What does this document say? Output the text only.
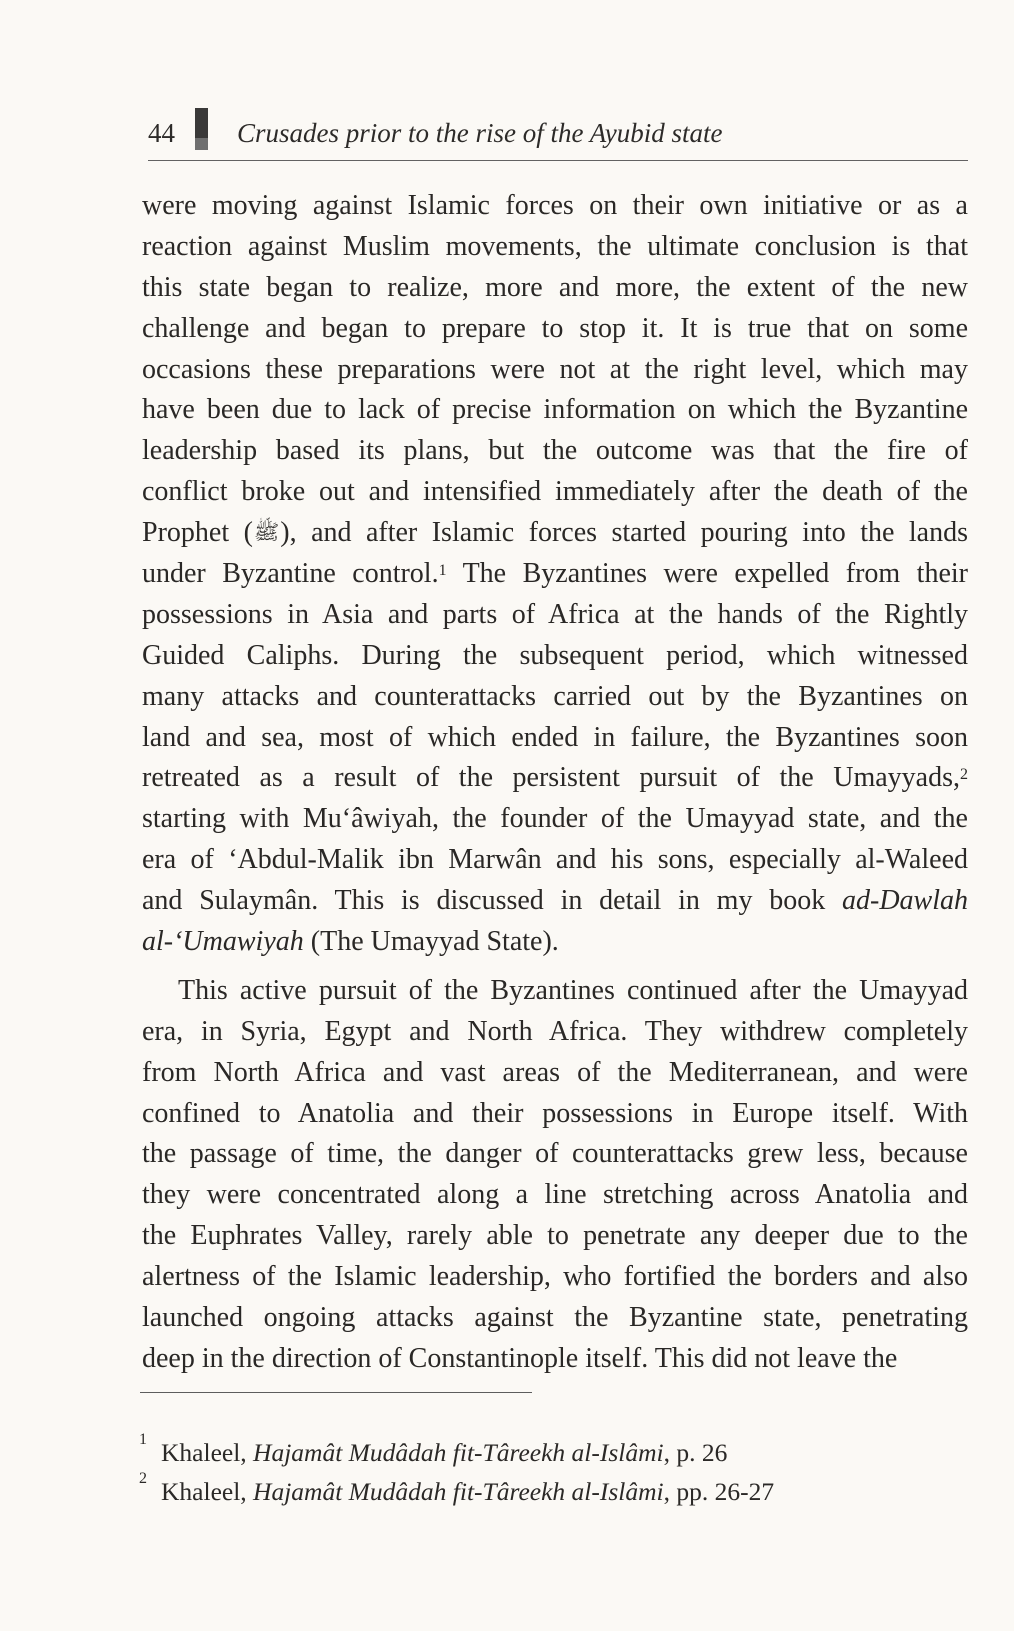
44 Crusades prior to the rise of the Ayubid state
were moving against Islamic forces on their own initiative or as a
reaction against Muslim movements, the ultimate conclusion is that
this state began to realize, more and more, the extent of the new
challenge and began to prepare to stop it. It is true that on some
occasions these preparations were not at the right level, which may
have been due to lack of precise information on which the Byzantine
leadership based its plans, but the outcome was that the fire of
conflict broke out and intensified immediately after the death of the
Prophet (ﷺ), and after Islamic forces started pouring into the lands
under Byzantine control.$^1$ The Byzantines were expelled from their
possessions in Asia and parts of Africa at the hands of the Rightly
Guided Caliphs. During the subsequent period, which witnessed
many attacks and counterattacks carried out by the Byzantines on
land and sea, most of which ended in failure, the Byzantines soon
retreated as a result of the persistent pursuit of the Umayyads,$^2$
starting with Mu‘âwiyah, the founder of the Umayyad state, and the
era of ‘Abdul-Malik ibn Marwân and his sons, especially al-Waleed
and Sulaymân. This is discussed in detail in my book ad-Dawlah
al-‘Umawiyah (The Umayyad State).
This active pursuit of the Byzantines continued after the Umayyad
era, in Syria, Egypt and North Africa. They withdrew completely
from North Africa and vast areas of the Mediterranean, and were
confined to Anatolia and their possessions in Europe itself. With
the passage of time, the danger of counterattacks grew less, because
they were concentrated along a line stretching across Anatolia and
the Euphrates Valley, rarely able to penetrate any deeper due to the
alertness of the Islamic leadership, who fortified the borders and also
launched ongoing attacks against the Byzantine state, penetrating
deep in the direction of Constantinople itself. This did not leave the
$^1$ Khaleel, Hajamât Mudâdah fit-Târeekh al-Islâmi, p. 26
$^2$ Khaleel, Hajamât Mudâdah fit-Târeekh al-Islâmi, pp. 26-27
